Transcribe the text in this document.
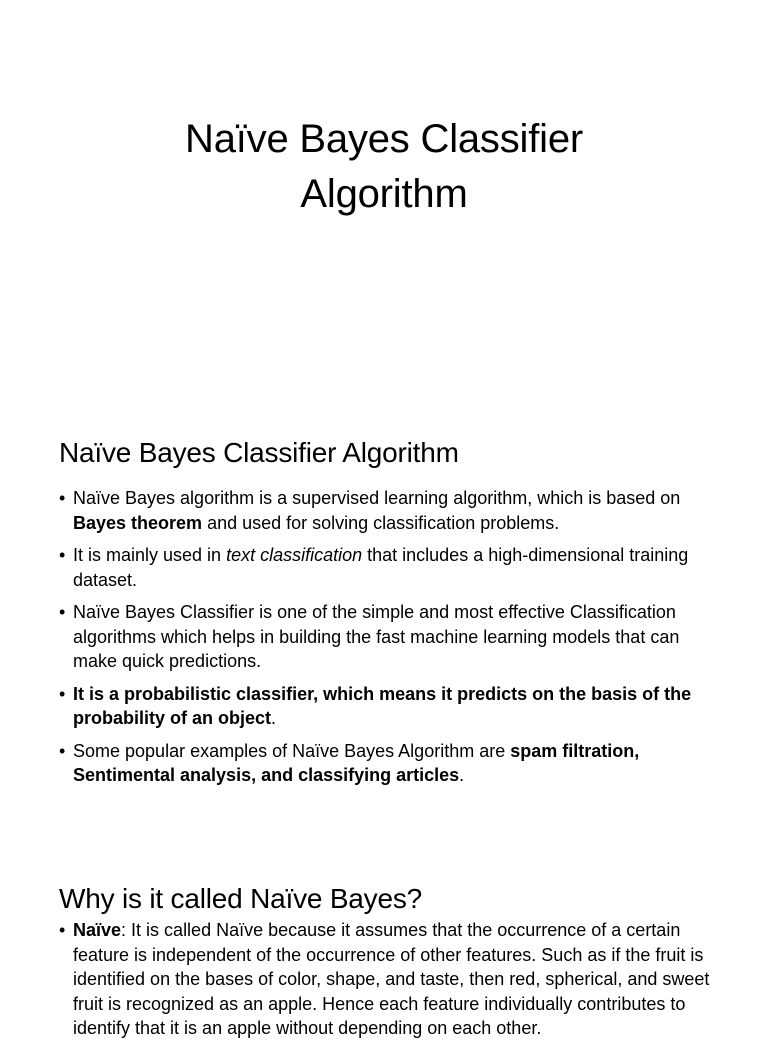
Naïve Bayes Classifier
Algorithm
Naïve Bayes Classifier Algorithm
• Naïve Bayes algorithm is a supervised learning algorithm, which is based on Bayes theorem and used for solving classification problems.
• It is mainly used in text classification that includes a high-dimensional training dataset.
• Naïve Bayes Classifier is one of the simple and most effective Classification algorithms which helps in building the fast machine learning models that can make quick predictions.
• It is a probabilistic classifier, which means it predicts on the basis of the probability of an object.
• Some popular examples of Naïve Bayes Algorithm are spam filtration, Sentimental analysis, and classifying articles.
Why is it called Naïve Bayes?
• Naïve: It is called Naïve because it assumes that the occurrence of a certain feature is independent of the occurrence of other features. Such as if the fruit is identified on the bases of color, shape, and taste, then red, spherical, and sweet fruit is recognized as an apple. Hence each feature individually contributes to identify that it is an apple without depending on each other.
